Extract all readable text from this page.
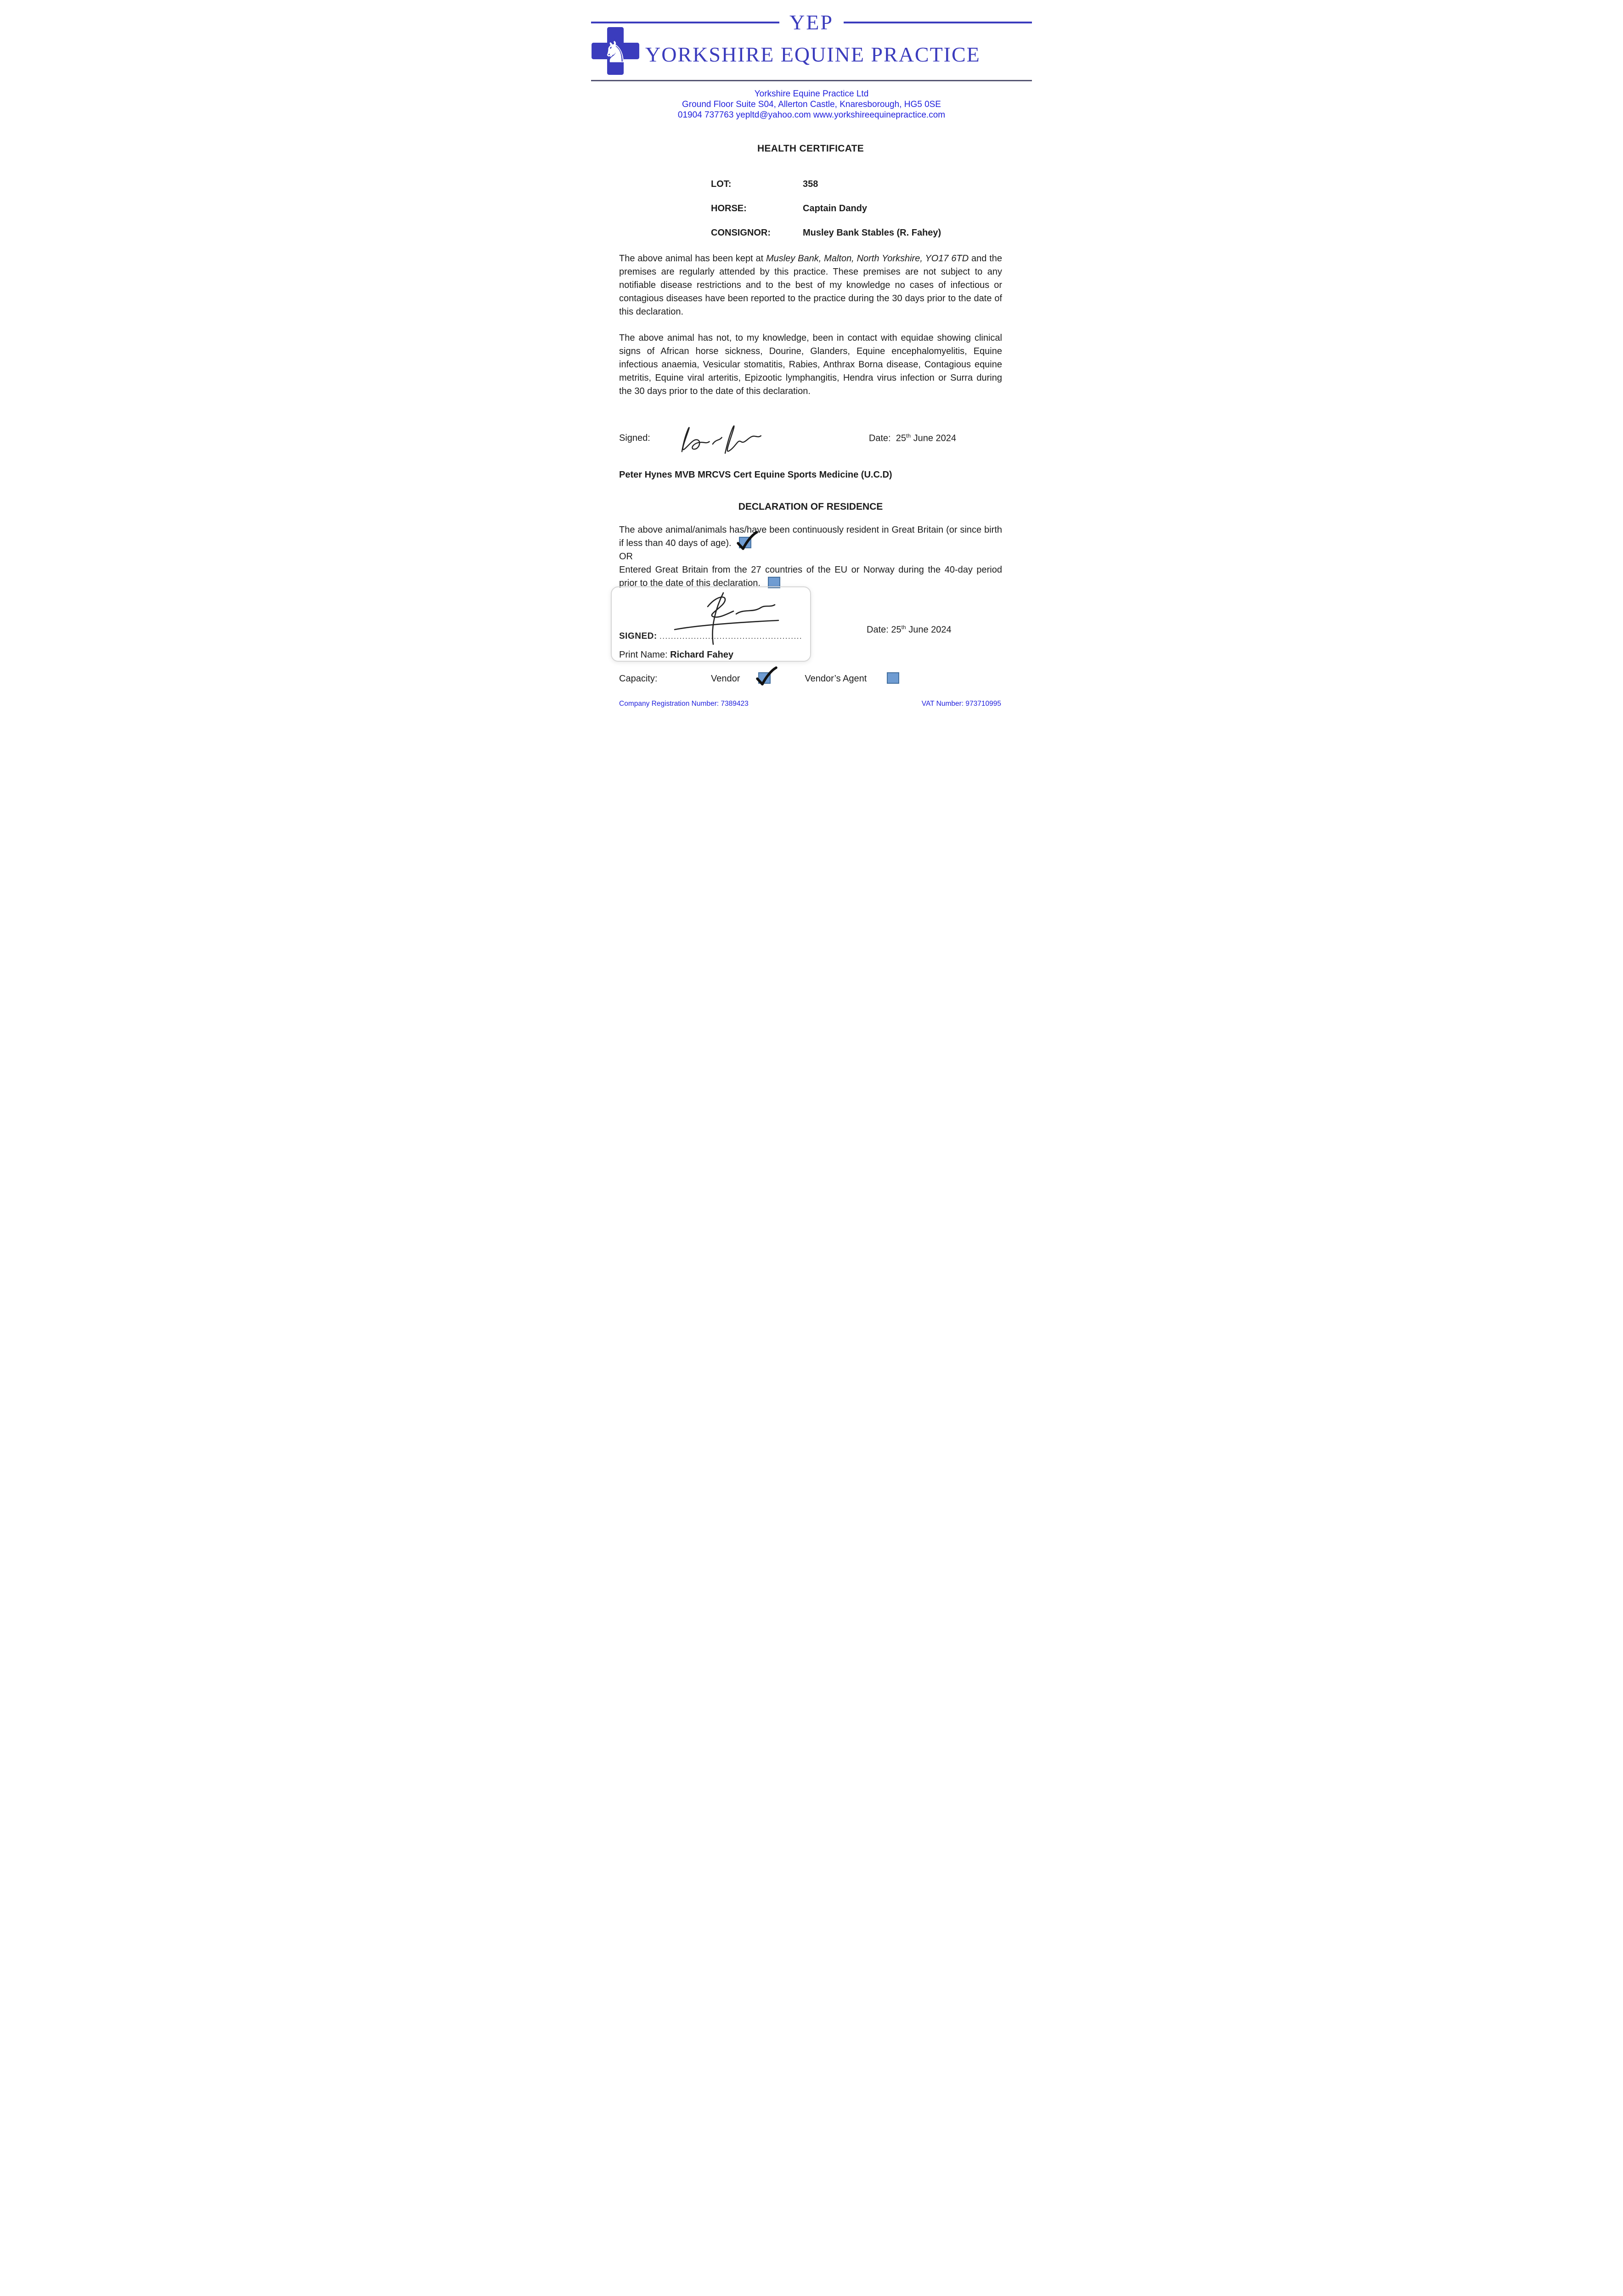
YEP
♞ YORKSHIRE EQUINE PRACTICE
Yorkshire Equine Practice Ltd
Ground Floor Suite S04, Allerton Castle, Knaresborough, HG5 0SE
01904 737763 yepltd@yahoo.com www.yorkshireequinepractice.com
HEALTH CERTIFICATE
LOT:	358
HORSE:	Captain Dandy
CONSIGNOR:	Musley Bank Stables (R. Fahey)

The above animal has been kept at Musley Bank, Malton, North Yorkshire, YO17 6TD and the premises are regularly attended by this practice. These premises are not subject to any notifiable disease restrictions and to the best of my knowledge no cases of infectious or contagious diseases have been reported to the practice during the 30 days prior to the date of this declaration.

The above animal has not, to my knowledge, been in contact with equidae showing clinical signs of African horse sickness, Dourine, Glanders, Equine encephalomyelitis, Equine infectious anaemia, Vesicular stomatitis, Rabies, Anthrax Borna disease, Contagious equine metritis, Equine viral arteritis, Epizootic lymphangitis, Hendra virus infection or Surra during the 30 days prior to the date of this declaration.

Signed:	Date: 25th June 2024
Peter Hynes MVB MRCVS Cert Equine Sports Medicine (U.C.D)
DECLARATION OF RESIDENCE

The above animal/animals has/have been continuously resident in Great Britain (or since birth if less than 40 days of age).

OR

Entered Great Britain from the 27 countries of the EU or Norway during the 40-day period prior to the date of this declaration.

SIGNED: ..................................................
Date: 25th June 2024
Print Name: Richard Fahey
Capacity:	Vendor	Vendor’s Agent
Company Registration Number: 7389423	VAT Number: 973710995
